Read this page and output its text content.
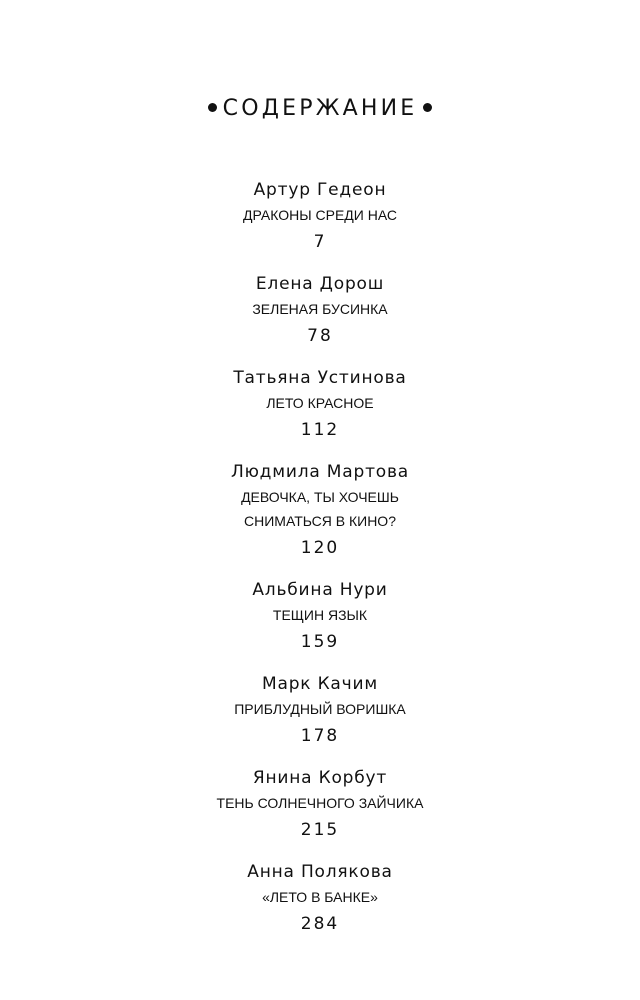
СОДЕРЖАНИЕ
Артур Гедеон
ДРАКОНЫ СРЕДИ НАС
7
Елена Дорош
ЗЕЛЕНАЯ БУСИНКА
78
Татьяна Устинова
ЛЕТО КРАСНОЕ
112
Людмила Мартова
ДЕВОЧКА, ТЫ ХОЧЕШЬ
СНИМАТЬСЯ В КИНО?
120
Альбина Нури
ТЕЩИН ЯЗЫК
159
Марк Качим
ПРИБЛУДНЫЙ ВОРИШКА
178
Янина Корбут
ТЕНЬ СОЛНЕЧНОГО ЗАЙЧИКА
215
Анна Полякова
«ЛЕТО В БАНКЕ»
284
